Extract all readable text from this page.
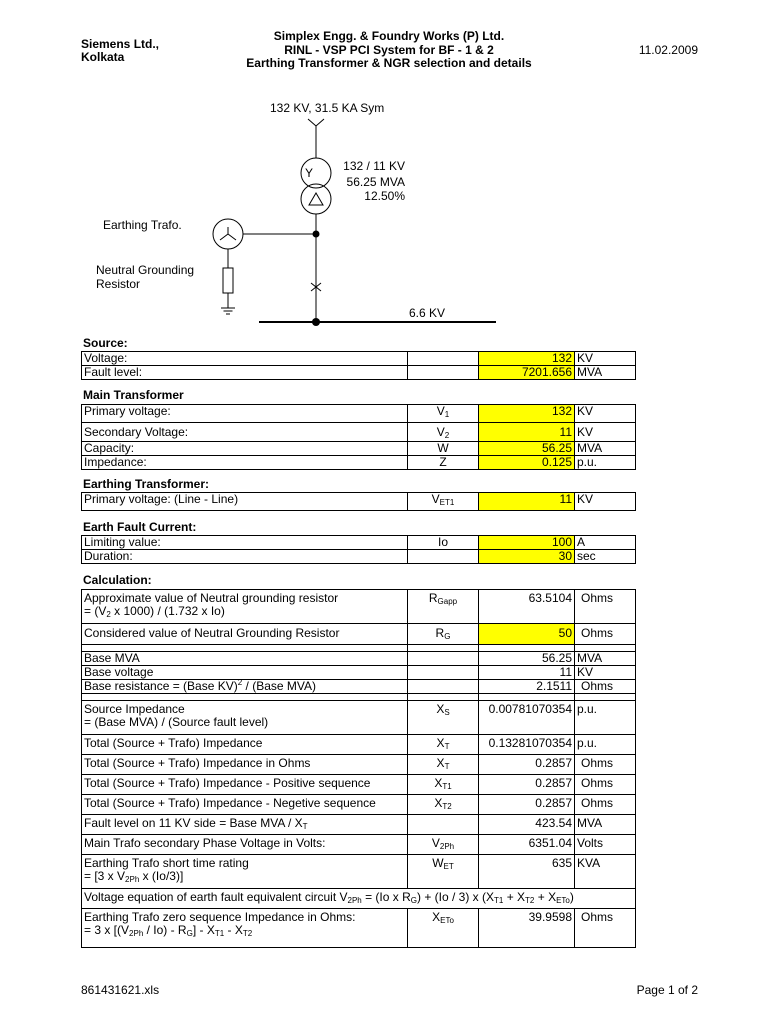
Siemens Ltd.,
Kolkata
Simplex Engg. & Foundry Works (P) Ltd.
RINL - VSP PCI System for BF - 1 & 2
Earthing Transformer & NGR selection and details
11.02.2009
132 KV, 31.5 KA Sym
Y	132 / 11 KV
56.25 MVA
12.50%
Earthing Trafo.
Neutral Grounding
Resistor
6.6 KV
Source:
Voltage:		132	KV
Fault level:		7201.656	MVA
Main Transformer
Primary voltage:	$V_1$	132	KV
Secondary Voltage:	$V_2$	11	KV
Capacity:	W	56.25	MVA
Impedance:	Z	0.125	p.u.
Earthing Transformer:
Primary voltage: (Line - Line)	$V_{ET1}$	11	KV
Earth Fault Current:
Limiting value:	Io	100	A
Duration:		30	sec
Calculation:
Approximate value of Neutral grounding resistor
= ($V_2$ x 1000) / (1.732 x Io)	$R_{Gapp}$	63.5104	Ohms
Considered value of Neutral Grounding Resistor	$R_G$	50	Ohms

Base MVA		56.25	MVA
Base voltage		11	KV
Base resistance = (Base KV)$^2$ / (Base MVA)		2.1511	Ohms

Source Impedance
= (Base MVA) / (Source fault level)	$X_S$	0.00781070354	p.u.
Total (Source + Trafo) Impedance	$X_T$	0.13281070354	p.u.
Total (Source + Trafo) Impedance in Ohms	$X_T$	0.2857	Ohms
Total (Source + Trafo) Impedance - Positive sequence	$X_{T1}$	0.2857	Ohms
Total (Source + Trafo) Impedance - Negetive sequence	$X_{T2}$	0.2857	Ohms
Fault level on 11 KV side = Base MVA / $X_T$		423.54	MVA
Main Trafo secondary Phase Voltage in Volts:	$V_{2Ph}$	6351.04	Volts

Earthing Trafo short time rating
= [3 x $V_{2Ph}$ x (Io/3)]	$W_{ET}$	635	KVA
Voltage equation of earth fault equivalent circuit $V_{2Ph} = (Io$ x $R_G) + (Io / 3)$ x $(X_{T1} + X_{T2} + X_{ETo})$			

Earthing Trafo zero sequence Impedance in Ohms:
= 3 x $[(V_{2Ph} / Io) - R_G] - X_{T1} - X_{T2}$	$X_{ETo}$	39.9598	Ohms
861431621.xls	Page 1 of 2
